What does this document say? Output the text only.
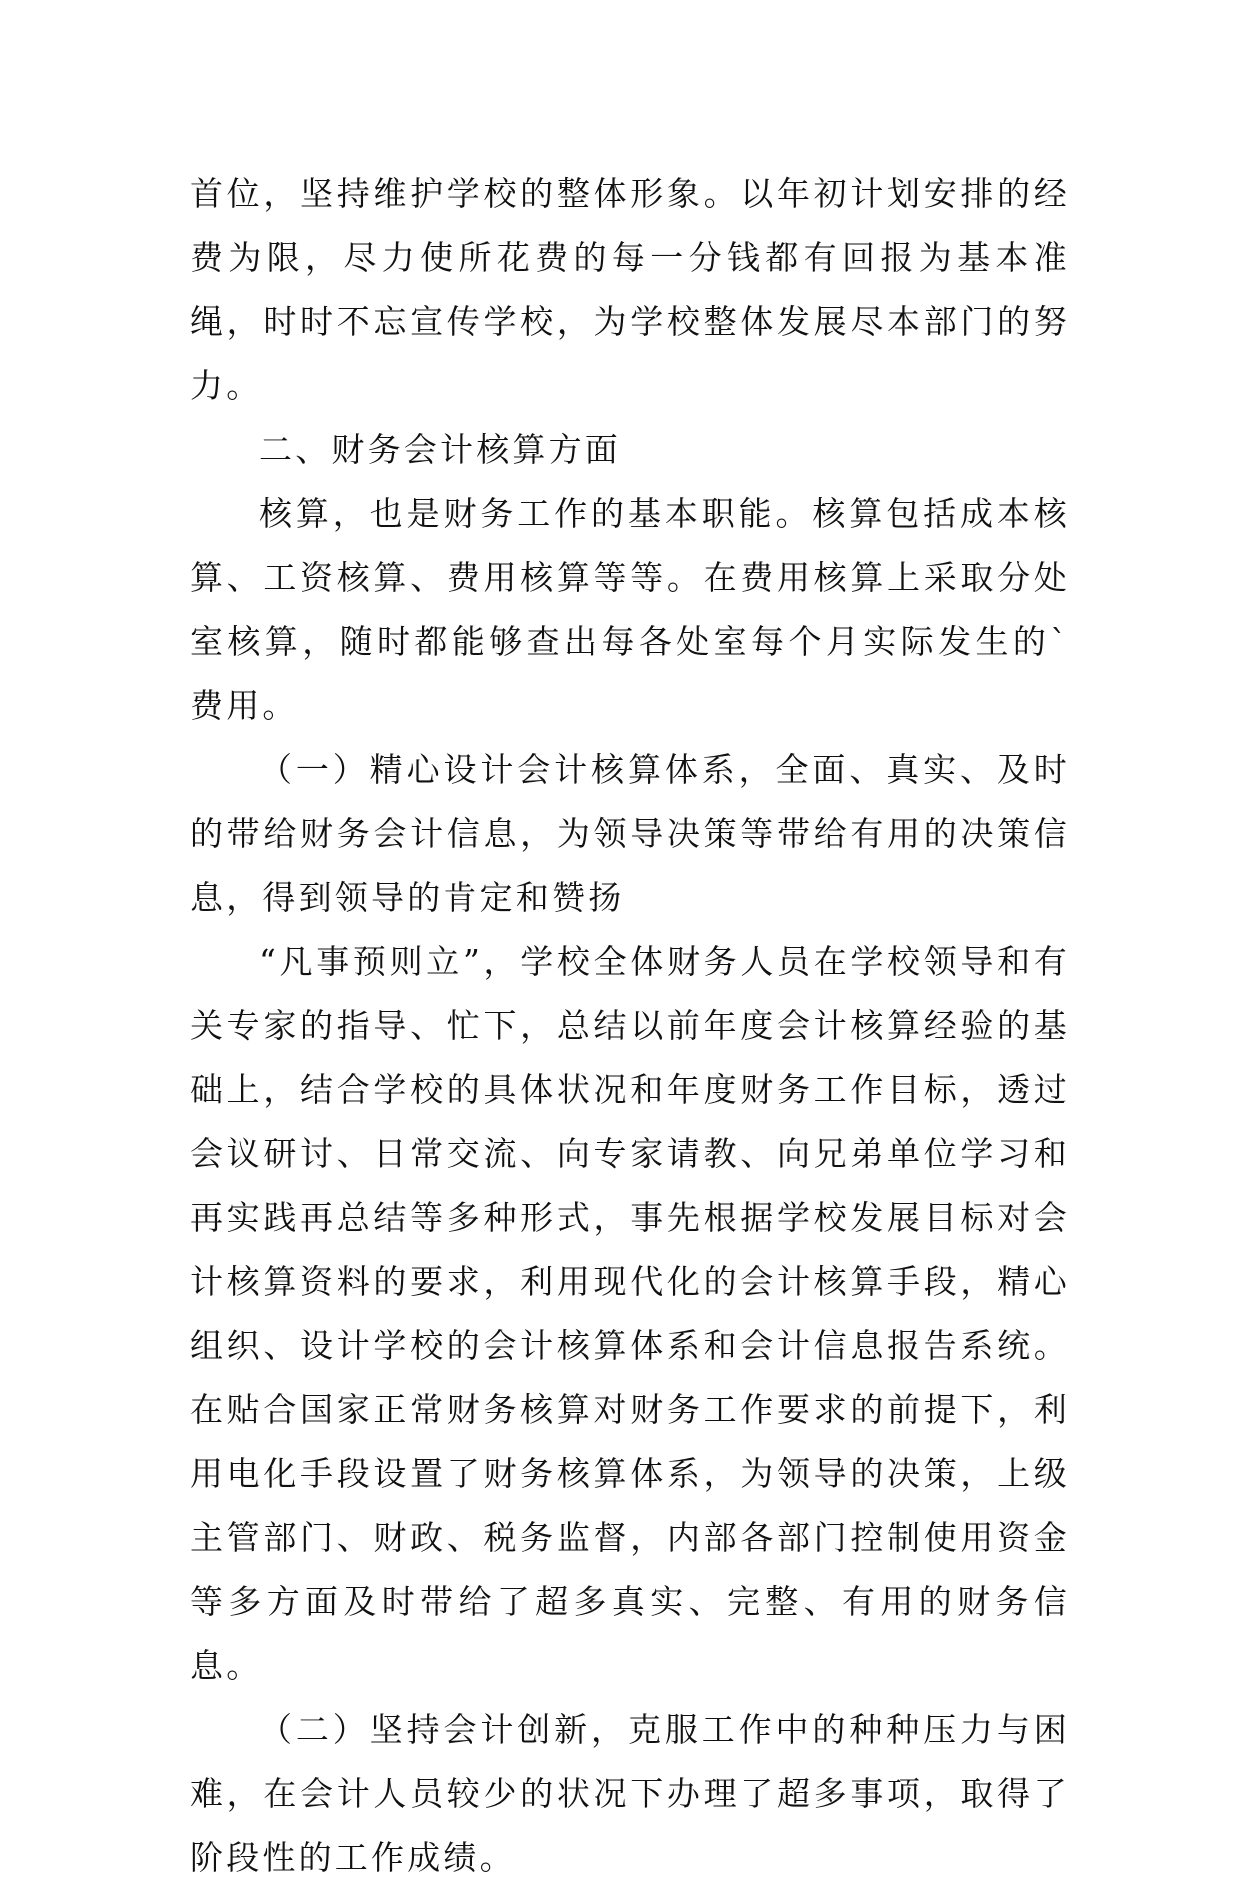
首位，坚持维护学校的整体形象。以年初计划安排的经费为限，尽力使所花费的每一分钱都有回报为基本准绳，时时不忘宣传学校，为学校整体发展尽本部门的努力。

二、财务会计核算方面

核算，也是财务工作的基本职能。核算包括成本核算、工资核算、费用核算等等。在费用核算上采取分处室核算，随时都能够查出每各处室每个月实际发生的`费用。

（一）精心设计会计核算体系，全面、真实、及时的带给财务会计信息，为领导决策等带给有用的决策信息，得到领导的肯定和赞扬

“凡事预则立”，学校全体财务人员在学校领导和有关专家的指导、忙下，总结以前年度会计核算经验的基础上，结合学校的具体状况和年度财务工作目标，透过会议研讨、日常交流、向专家请教、向兄弟单位学习和再实践再总结等多种形式，事先根据学校发展目标对会计核算资料的要求，利用现代化的会计核算手段，精心组织、设计学校的会计核算体系和会计信息报告系统。在贴合国家正常财务核算对财务工作要求的前提下，利用电化手段设置了财务核算体系，为领导的决策，上级主管部门、财政、税务监督，内部各部门控制使用资金等多方面及时带给了超多真实、完整、有用的财务信息。

（二）坚持会计创新，克服工作中的种种压力与困难，在会计人员较少的状况下办理了超多事项，取得了阶段性的工作成绩。
